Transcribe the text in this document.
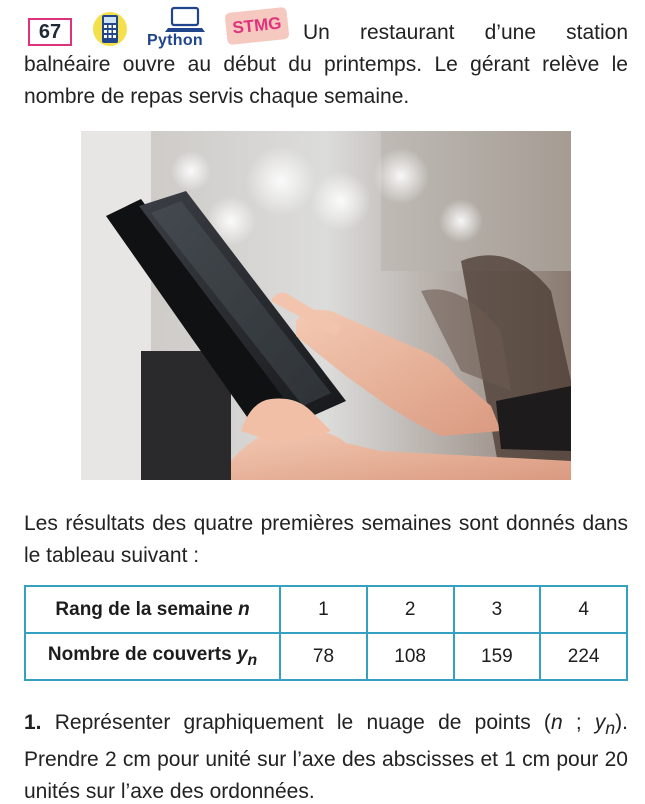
Un restaurant d’une station balnéaire ouvre au début du printemps. Le gérant relève le nombre de repas servis chaque semaine.

67	Python
STMG

Les résultats des quatre premières semaines sont donnés dans le tableau suivant :

Rang de la semaine n	1	2	3	4
Nombre de couverts $y_n$	78	108	159	224

1. Représenter graphiquement le nuage de points (n ; $y_n$). Prendre 2 cm pour unité sur l’axe des abscisses et 1 cm pour 20 unités sur l’axe des ordonnées.
